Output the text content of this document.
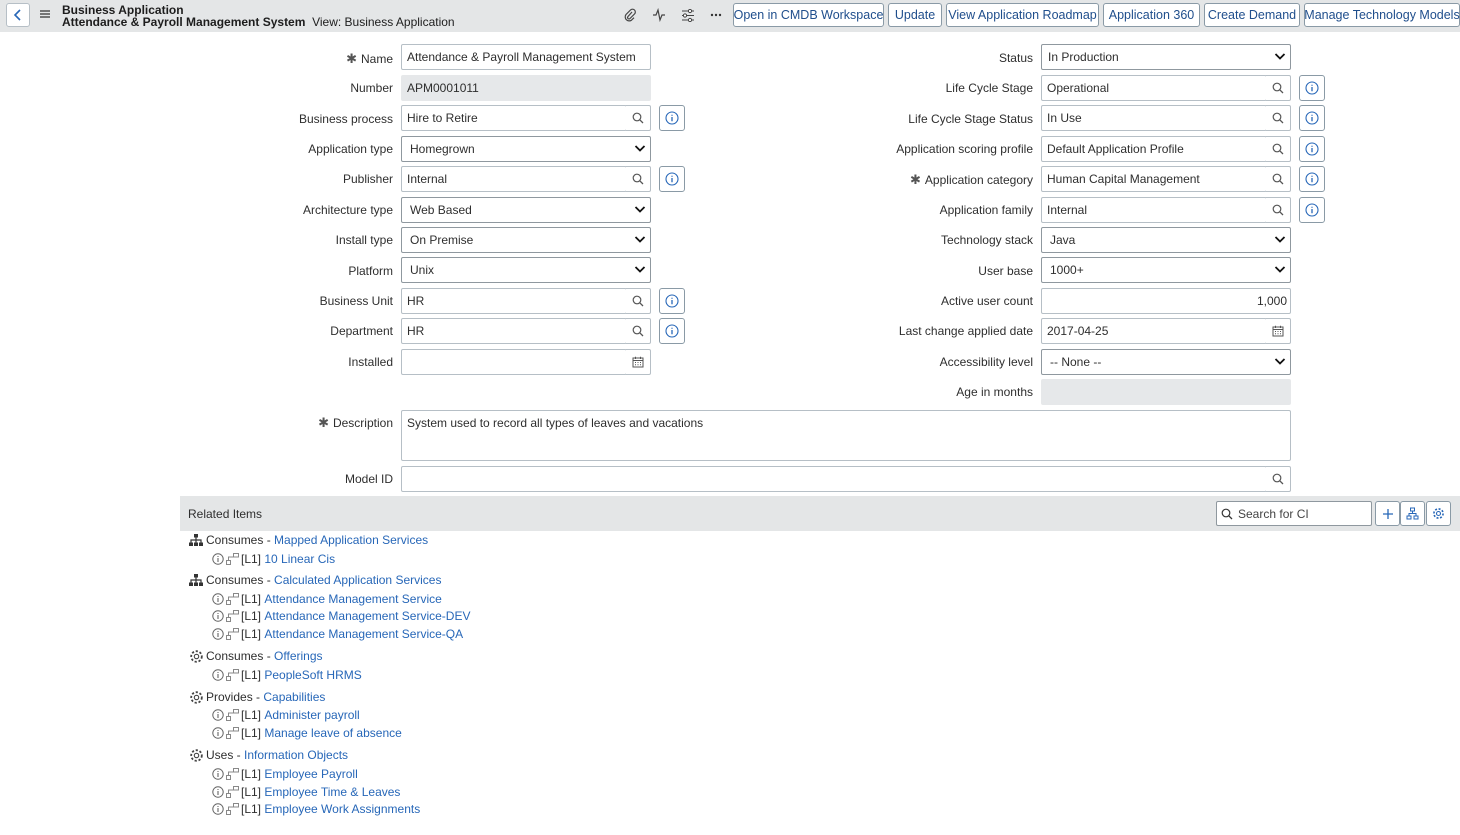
Business Application
Attendance & Payroll Management System View: Business Application	Open in CMDB Workspace Update	View Application Roadmap Application 360	Create Demand Manage Technology Models
✱ Name	Attendance & Payroll Management System
Number	APM0001011
Business process	Hire to Retire
Application type	Homegrown
Publisher	Internal
Architecture type	Web Based
Install type	On Premise
Platform	Unix
Business Unit	HR
Department	HR
Installed
Status	In Production
Life Cycle Stage	Operational
Life Cycle Stage Status	In Use
Application scoring profile	Default Application Profile
✱ Application category	Human Capital Management
Application family	Internal
Technology stack	Java
User base	1000+
Active user count	1,000
Last change applied date	2017-04-25
Accessibility level	-- None --
Age in months
✱ Description	System used to record all types of leaves and vacations
Model ID
Related Items	Search for CI
Consumes - Mapped Application Services
[L1]
10 Linear Cis
Consumes - Calculated Application Services
[L1]
Attendance Management Service
[L1]
Attendance Management Service-DEV
[L1]
Attendance Management Service-QA
Consumes - Offerings
[L1]
PeopleSoft HRMS
Provides - Capabilities
[L1]
Administer payroll
[L1]
Manage leave of absence
Uses - Information Objects
[L1]
Employee Payroll
[L1]
Employee Time & Leaves
[L1]
Employee Work Assignments
